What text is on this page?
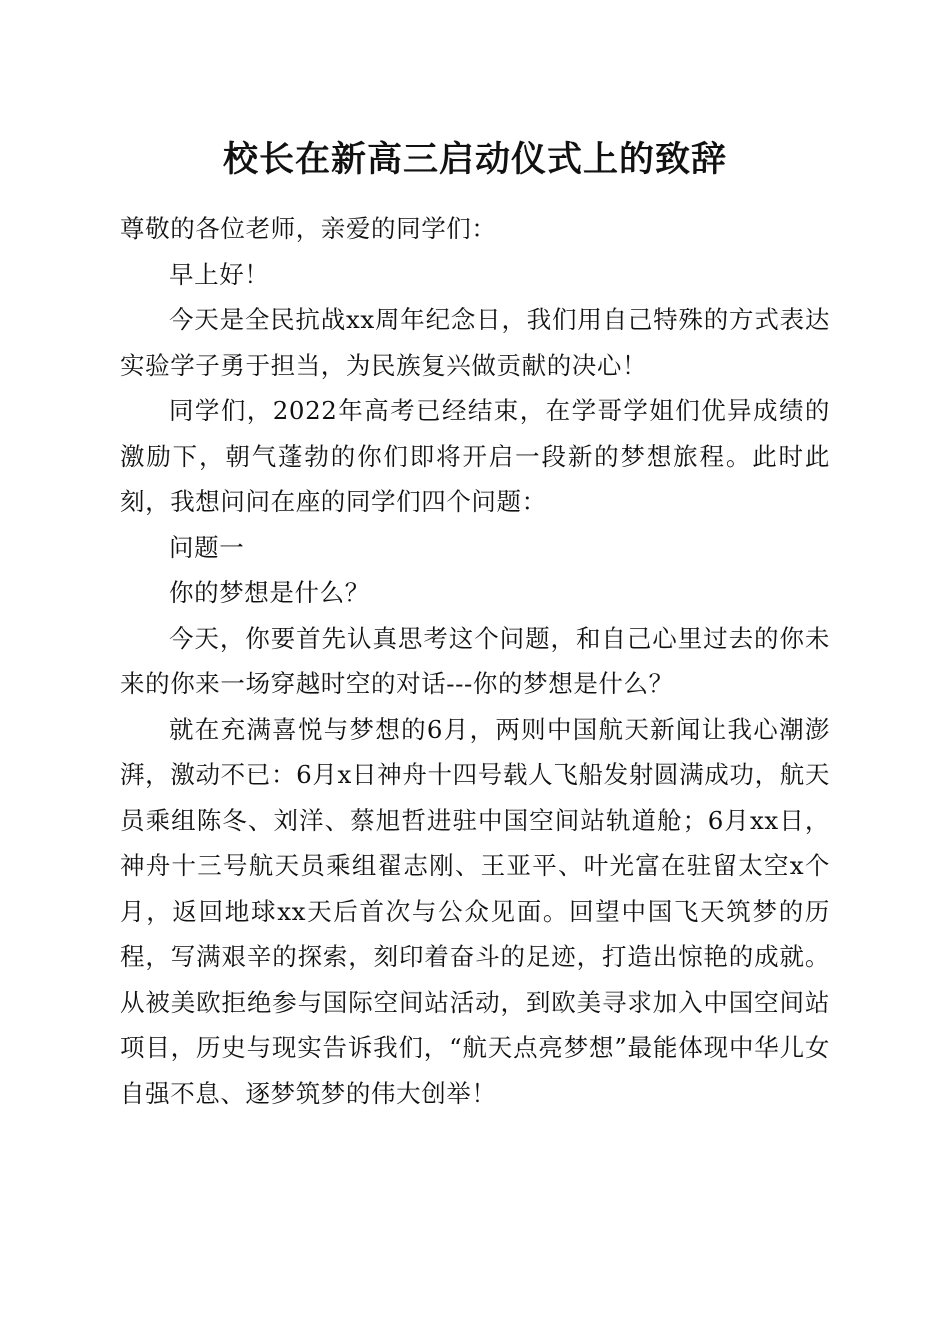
校长在新高三启动仪式上的致辞

尊敬的各位老师，亲爱的同学们：

早上好！

今天是全民抗战xx周年纪念日，我们用自己特殊的方式表达实验学子勇于担当，为民族复兴做贡献的决心！

同学们，2022年高考已经结束，在学哥学姐们优异成绩的激励下，朝气蓬勃的你们即将开启一段新的梦想旅程。此时此刻，我想问问在座的同学们四个问题：

问题一

你的梦想是什么？

今天，你要首先认真思考这个问题，和自己心里过去的你未来的你来一场穿越时空的对话---你的梦想是什么？

就在充满喜悦与梦想的6月，两则中国航天新闻让我心潮澎湃，激动不已：6月x日神舟十四号载人飞船发射圆满成功，航天员乘组陈冬、刘洋、蔡旭哲进驻中国空间站轨道舱；6月xx日，神舟十三号航天员乘组翟志刚、王亚平、叶光富在驻留太空x个月，返回地球xx天后首次与公众见面。回望中国飞天筑梦的历程，写满艰辛的探索，刻印着奋斗的足迹，打造出惊艳的成就。从被美欧拒绝参与国际空间站活动，到欧美寻求加入中国空间站项目，历史与现实告诉我们，“航天点亮梦想”最能体现中华儿女自强不息、逐梦筑梦的伟大创举！
